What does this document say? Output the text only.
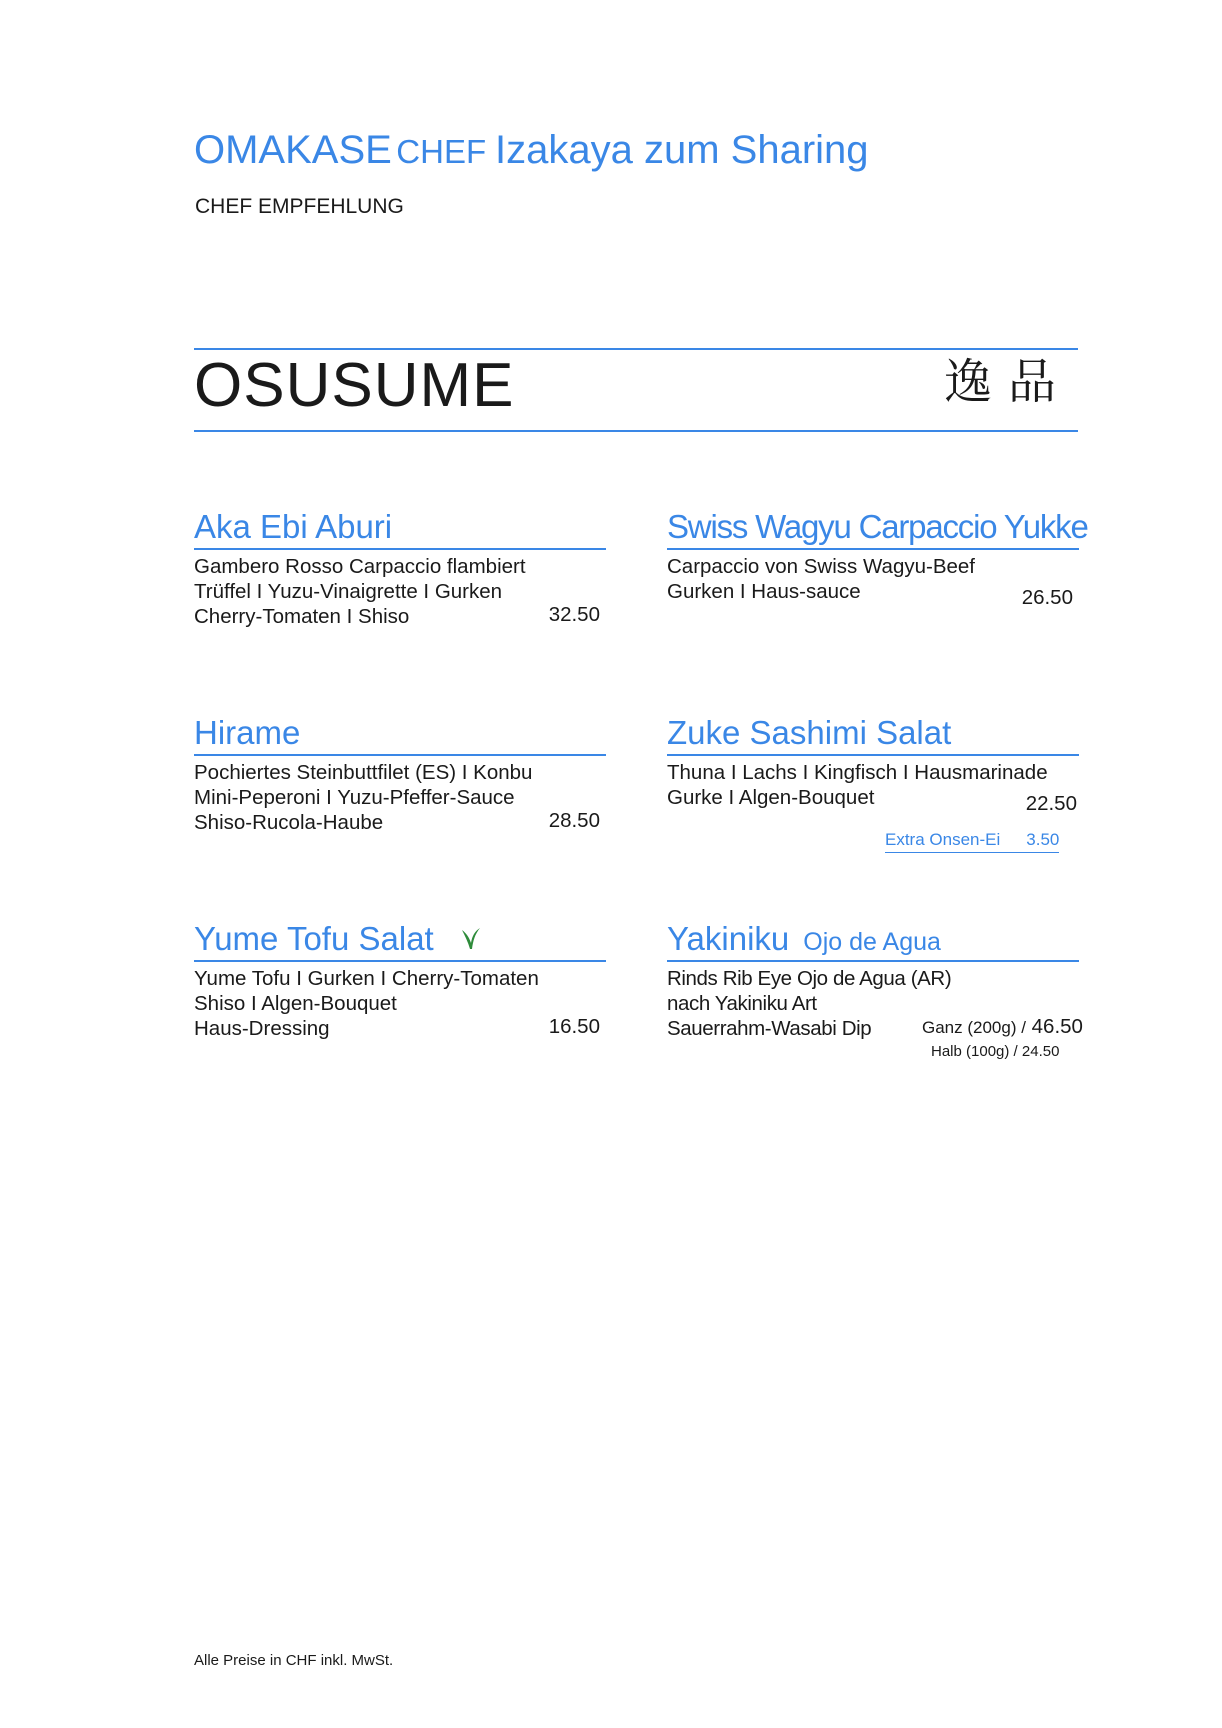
OMAKASE CHEF Izakaya zum Sharing
CHEF EMPFEHLUNG
OSUSUME	逸品
Aka Ebi Aburi
Gambero Rosso Carpaccio flambiert
Trüffel I Yuzu-Vinaigrette I Gurken
Cherry-Tomaten I Shiso	32.50
Swiss Wagyu Carpaccio Yukke
Carpaccio von Swiss Wagyu-Beef
Gurken I Haus-sauce	26.50
Hirame
Pochiertes Steinbuttfilet (ES) I Konbu
Mini-Peperoni I Yuzu-Pfeffer-Sauce
Shiso-Rucola-Haube	28.50
Zuke Sashimi Salat
Thuna I Lachs I Kingfisch I Hausmarinade
Gurke I Algen-Bouquet	22.50
Extra Onsen-Ei 3.50
Yume Tofu Salat
Yume Tofu I Gurken I Cherry-Tomaten
Shiso I Algen-Bouquet
Haus-Dressing	16.50
Yakiniku Ojo de Agua
Rinds Rib Eye Ojo de Agua (AR)
nach Yakiniku Art
Sauerrahm-Wasabi Dip	Ganz (200g) / 46.50
Halb (100g) / 24.50
Alle Preise in CHF inkl. MwSt.
